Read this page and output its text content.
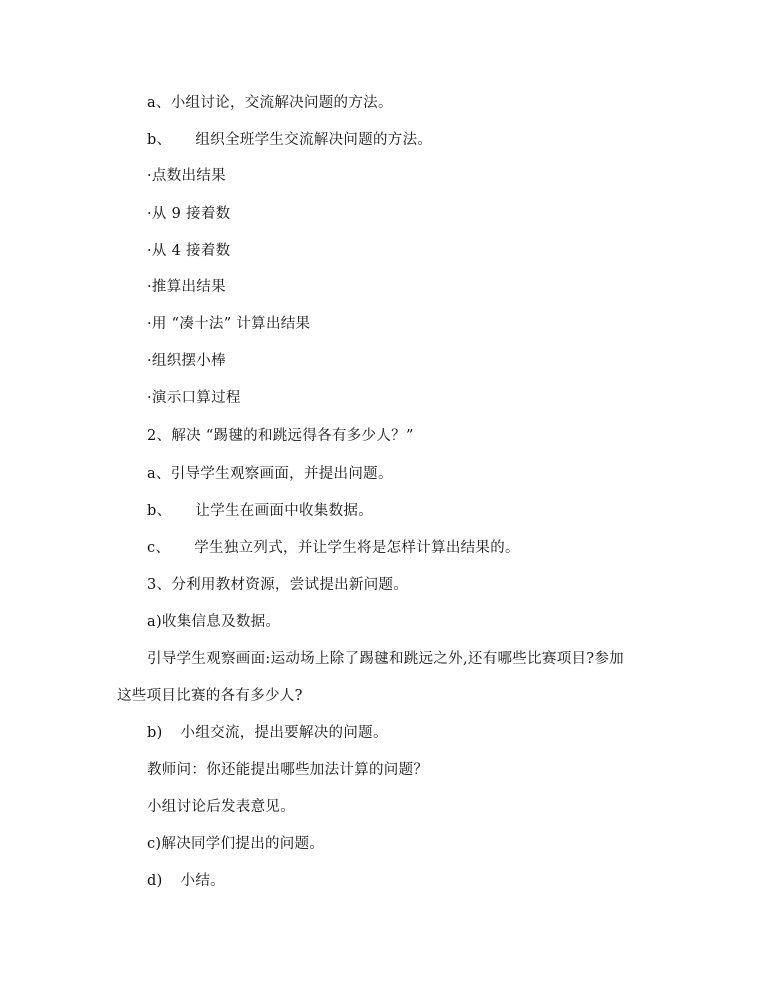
a、小组讨论，交流解决问题的方法。
b、 组织全班学生交流解决问题的方法。
·点数出结果
·从 9 接着数
·从 4 接着数
·推算出结果
·用 “凑十法” 计算出结果
·组织摆小棒
·演示口算过程
2、解决 “踢毽的和跳远得各有多少人？”
a、引导学生观察画面，并提出问题。
b、 让学生在画面中收集数据。
c、 学生独立列式，并让学生将是怎样计算出结果的。
3、分利用教材资源，尝试提出新问题。
a)收集信息及数据。
引导学生观察画面:运动场上除了踢毽和跳远之外,还有哪些比赛项目?参加
这些项目比赛的各有多少人?
b) 小组交流，提出要解决的问题。
教师问：你还能提出哪些加法计算的问题？
小组讨论后发表意见。
c)解决同学们提出的问题。
d) 小结。
